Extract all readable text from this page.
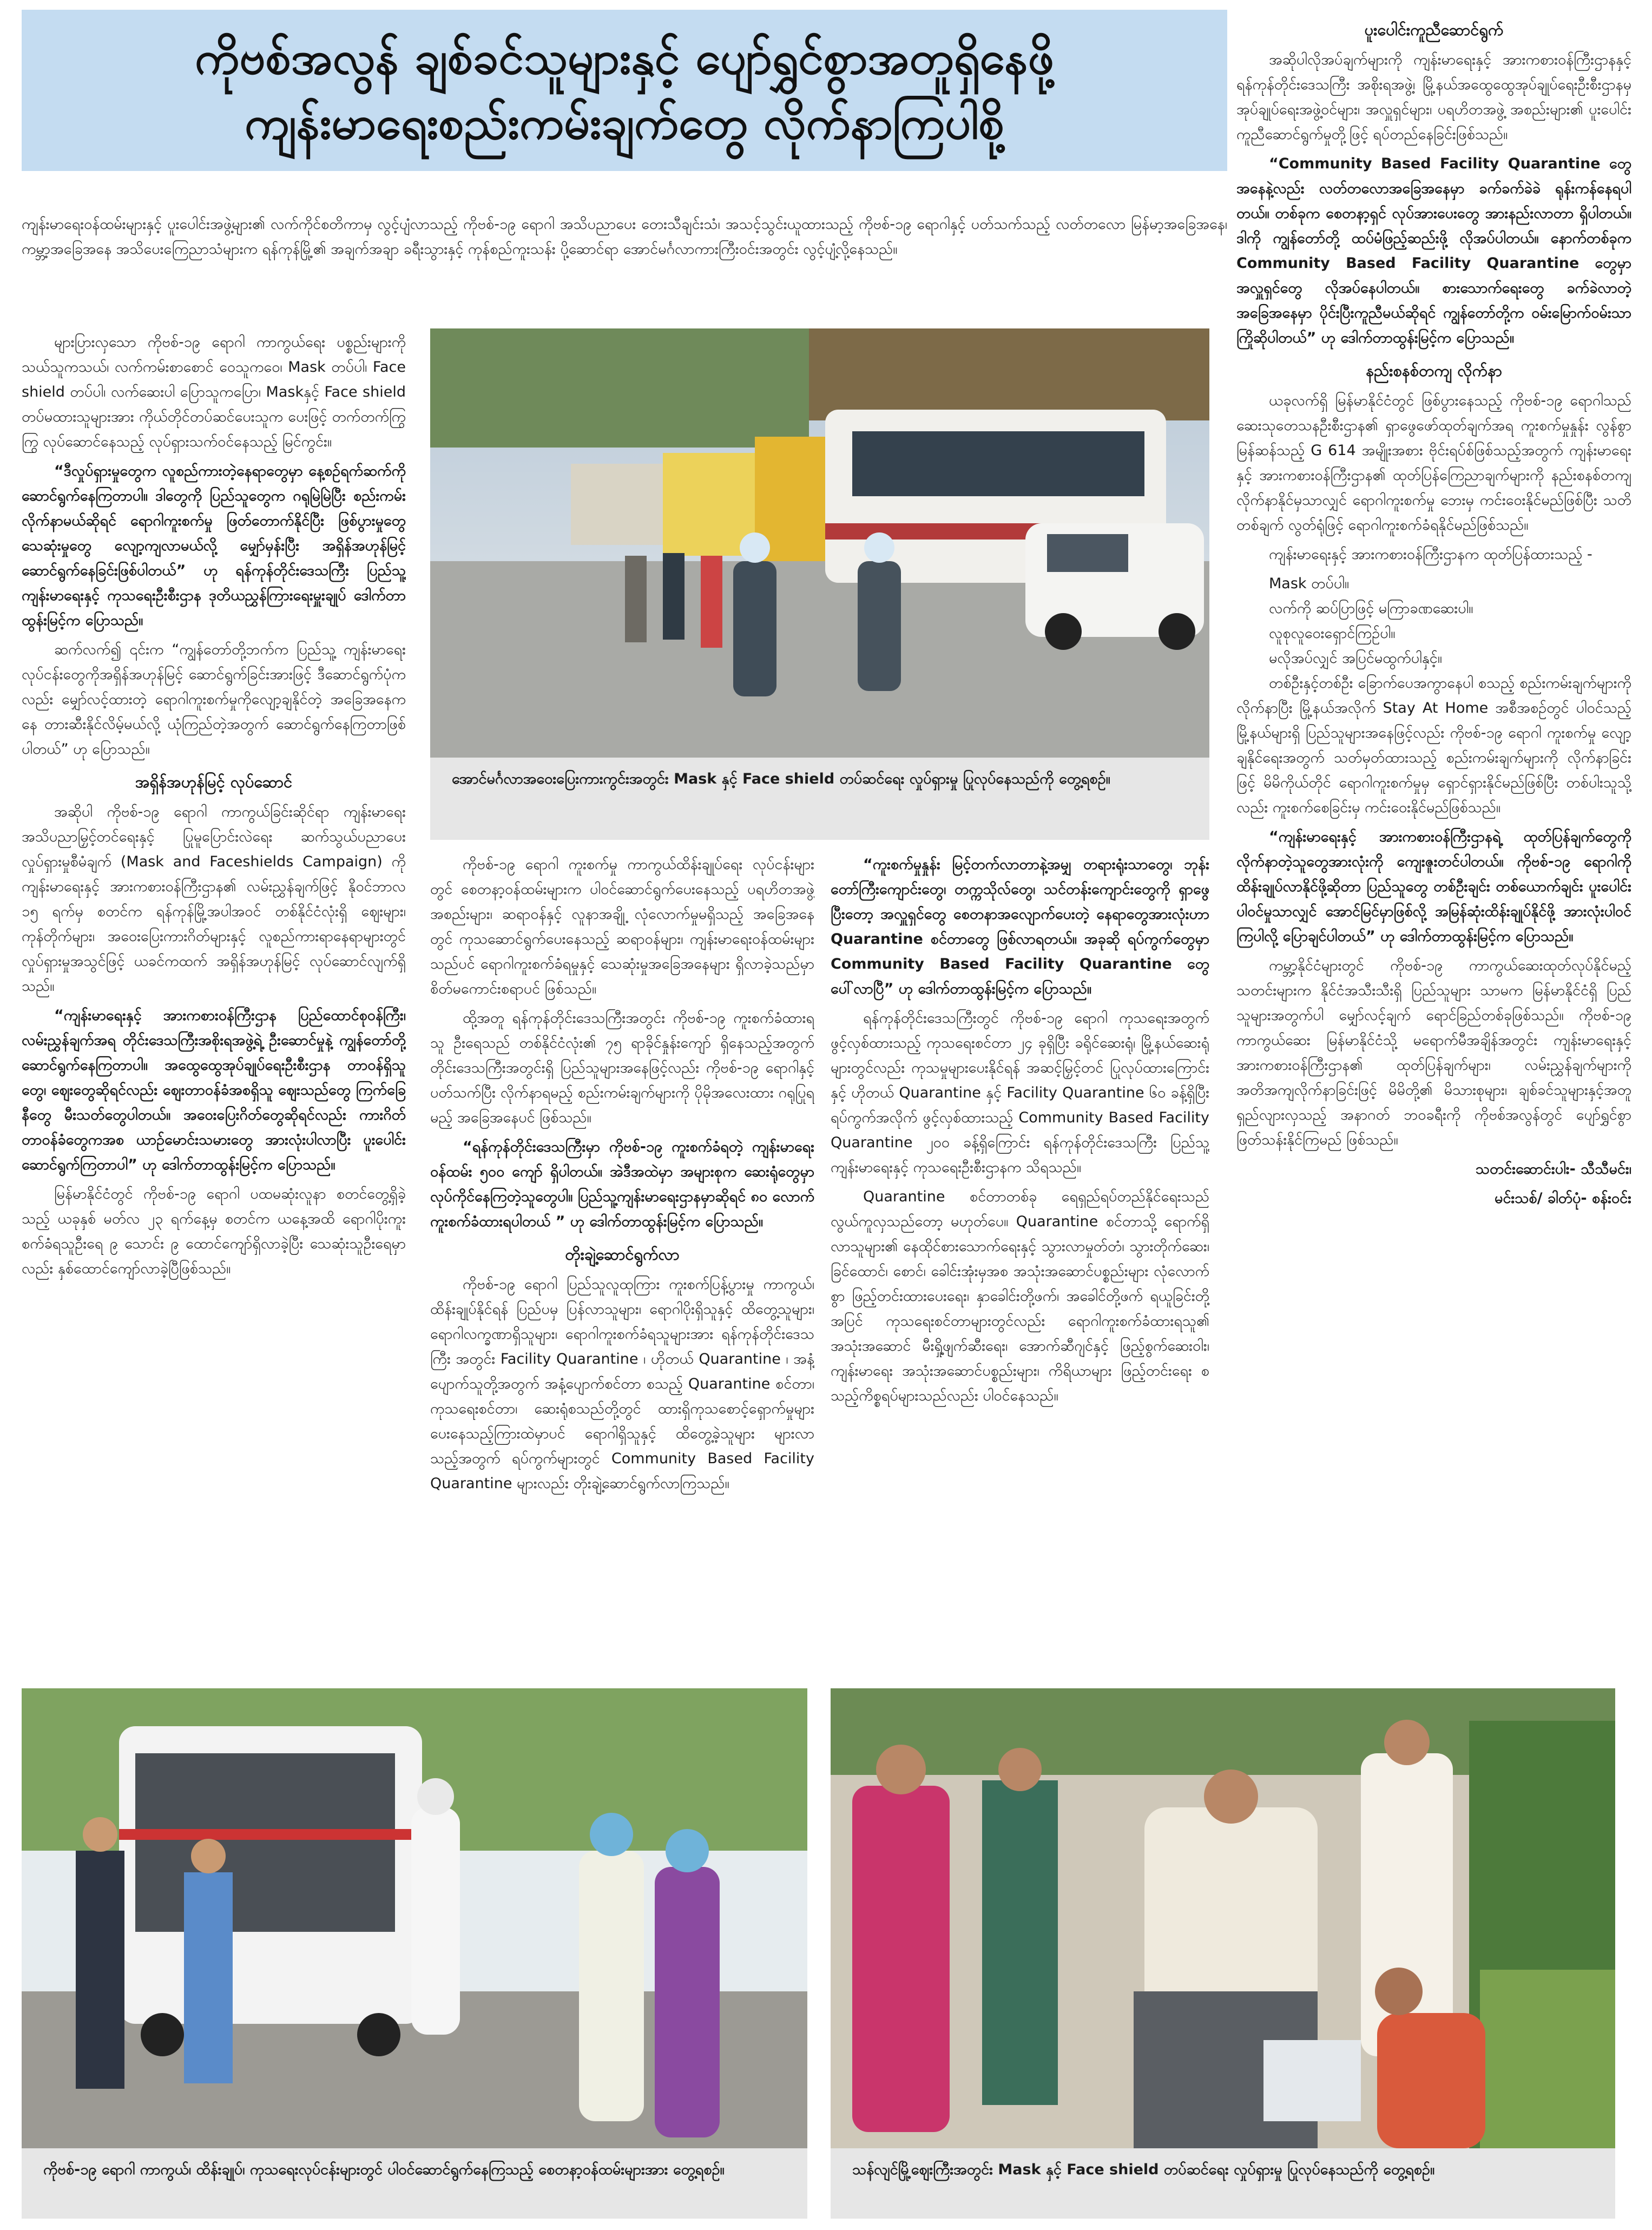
ကိုဗစ်အလွန် ချစ်ခင်သူများနှင့် ပျော်ရွှင်စွာအတူရှိနေဖို့
ကျန်းမာရေးစည်းကမ်းချက်တွေ လိုက်နာကြပါစို့
ကျန်းမာရေးဝန်ထမ်းများနှင့် ပူးပေါင်းအဖွဲ့များ၏ လက်ကိုင်စတိကာမှ လွင့်ပျံလာသည့် ကိုဗစ်-၁၉ ရောဂါ အသိပညာပေး တေးသီချင်းသံ၊ အသင့်သွင်းယူထားသည့် ကိုဗစ်-၁၉ ရောဂါနှင့် ပတ်သက်သည့် လတ်တလော မြန်မာ့အခြေအနေ၊ ကမ္ဘာ့အခြေအနေ အသိပေးကြေညာသံများက ရန်ကုန်မြို့၏ အချက်အချာ ခရီးသွားနှင့် ကုန်စည်ကူးသန်း ပို့ဆောင်ရာ အောင်မင်္ဂလာကားကြီးဝင်းအတွင်း လွင့်ပျံ့လို့နေသည်။

များပြားလှသော ကိုဗစ်-၁၉ ရောဂါ ကာကွယ်ရေး ပစ္စည်းများကို သယ်သူကသယ်၊ လက်ကမ်းစာစောင် ဝေသူကဝေ၊ Mask တပ်ပါ၊ Face shield တပ်ပါ၊ လက်ဆေးပါ ပြောသူကပြော၊ Maskနှင့် Face shield တပ်မထားသူများအား ကိုယ်တိုင်တပ်ဆင်ပေးသူက ပေးဖြင့် တက်တက်ကြွကြွ လုပ်ဆောင်နေသည့် လုပ်ရှားသက်ဝင်နေသည့် မြင်ကွင်း။

“ဒီလှုပ်ရှားမှုတွေက လူစည်ကားတဲ့နေရာတွေမှာ နေ့စဉ်ရက်ဆက်ကို ဆောင်ရွက်နေကြတာပါ။ ဒါတွေကို ပြည်သူတွေက ဂရုမြဲမြဲပြီး စည်းကမ်းလိုက်နာမယ်ဆိုရင် ရောဂါကူးစက်မှု ဖြတ်တောက်နိုင်ပြီး ဖြစ်ပွားမှုတွေ သေဆုံးမှုတွေ လျော့ကျလာမယ်လို့ မျှော်မှန်းပြီး အရှိန်အဟုန်မြင့် ဆောင်ရွက်နေခြင်းဖြစ်ပါတယ်” ဟု ရန်ကုန်တိုင်းဒေသကြီး ပြည်သူ့ကျန်းမာရေးနှင့် ကုသရေးဦးစီးဌာန ဒုတိယညွှန်ကြားရေးမှူးချုပ် ဒေါက်တာထွန်းမြင့်က ပြောသည်။

ဆက်လက်၍ ၎င်းက “ကျွန်တော်တို့ဘက်က ပြည်သူ့ ကျန်းမာရေးလုပ်ငန်းတွေကိုအရှိန်အဟုန်မြင့် ဆောင်ရွက်ခြင်းအားဖြင့် ဒီဆောင်ရွက်ပုံကလည်း မျှော်လင့်ထားတဲ့ ရောဂါကူးစက်မှုကိုလျော့ချနိုင်တဲ့ အခြေအနေကနေ တားဆီးနိုင်လိမ့်မယ်လို့ ယုံကြည်တဲ့အတွက် ဆောင်ရွက်နေကြတာဖြစ်ပါတယ်” ဟု ပြောသည်။

အရှိန်အဟုန်မြင့် လုပ်ဆောင်

အဆိုပါ ကိုဗစ်-၁၉ ရောဂါ ကာကွယ်ခြင်းဆိုင်ရာ ကျန်းမာရေးအသိပညာမြှင့်တင်ရေးနှင့် ပြုမူပြောင်းလဲရေး ဆက်သွယ်ပညာပေး လှုပ်ရှားမှုစီမံချက် (Mask and Faceshields Campaign) ကို ကျန်းမာရေးနှင့် အားကစားဝန်ကြီးဌာန၏ လမ်းညွှန်ချက်ဖြင့် နိုဝင်ဘာလ ၁၅ ရက်မှ စတင်က ရန်ကုန်မြို့အပါအဝင် တစ်နိုင်ငံလုံးရှိ ဈေးများ၊ ကုန်တိုက်များ၊ အဝေးပြေးကားဂိတ်များနှင့် လူစည်ကားရာနေရာများတွင် လှုပ်ရှားမှုအသွင်ဖြင့် ယခင်ကထက် အရှိန်အဟုန်မြင့် လုပ်ဆောင်လျက်ရှိသည်။

“ကျန်းမာရေးနှင့် အားကစားဝန်ကြီးဌာန ပြည်ထောင်စုဝန်ကြီး၊ လမ်းညွှန်ချက်အရ တိုင်းဒေသကြီးအစိုးရအဖွဲ့ရဲ့ ဦးဆောင်မှုနဲ့ ကျွန်တော်တို့ ဆောင်ရွက်နေကြတာပါ။ အထွေထွေအုပ်ချုပ်ရေးဦးစီးဌာန တာဝန်ရှိသူတွေ၊ ဈေးတွေဆိုရင်လည်း ဈေးတာဝန်ခံအစရှိသူ ဈေးသည်တွေ ကြက်ခြေနီတွေ မီးသတ်တွေပါတယ်။ အဝေးပြေးဂိတ်တွေဆိုရင်လည်း ကားဂိတ်တာဝန်ခံတွေကအစ ယာဉ်မောင်းသမားတွေ အားလုံးပါလာပြီး ပူးပေါင်းဆောင်ရွက်ကြတာပါ” ဟု ဒေါက်တာထွန်းမြင့်က ပြောသည်။

မြန်မာနိုင်ငံတွင် ကိုဗစ်-၁၉ ရောဂါ ပထမဆုံးလူနာ စတင်တွေ့ရှိခဲ့သည့် ယခုနှစ် မတ်လ ၂၃ ရက်နေ့မှ စတင်က ယနေ့အထိ ရောဂါပိုးကူးစက်ခံရသူဦးရေ ၉ သောင်း ၉ ထောင်ကျော်ရှိလာခဲ့ပြီး သေဆုံးသူဦးရေမှာလည်း နှစ်ထောင်ကျော်လာခဲ့ပြီဖြစ်သည်။

အောင်မင်္ဂလာအဝေးပြေးကားကွင်းအတွင်း Mask နှင့် Face shield တပ်ဆင်ရေး လှုပ်ရှားမှု ပြုလုပ်နေသည်ကို တွေ့ရစဉ်။

ကိုဗစ်-၁၉ ရောဂါ ကူးစက်မှု ကာကွယ်ထိန်းချုပ်ရေး လုပ်ငန်းများတွင် စေတနာ့ဝန်ထမ်းများက ပါဝင်ဆောင်ရွက်ပေးနေသည့် ပရဟိတအဖွဲ့အစည်းများ၊ ဆရာဝန်နှင့် လူနာအချို့ လုံလောက်မှုမရှိသည့် အခြေအနေတွင် ကုသဆောင်ရွက်ပေးနေသည့် ဆရာဝန်များ၊ ကျန်းမာရေးဝန်ထမ်းများ သည်ပင် ရောဂါကူးစက်ခံရမှုနှင့် သေဆုံးမှုအခြေအနေများ ရှိလာခဲ့သည်မှာ စိတ်မကောင်းစရာပင် ဖြစ်သည်။

ထို့အတူ ရန်ကုန်တိုင်းဒေသကြီးအတွင်း ကိုဗစ်-၁၉ ကူးစက်ခံထားရသူ ဦးရေသည် တစ်နိုင်ငံလုံး၏ ၇၅ ရာခိုင်နှုန်းကျော် ရှိနေသည့်အတွက် တိုင်းဒေသကြီးအတွင်းရှိ ပြည်သူများအနေဖြင့်လည်း ကိုဗစ်-၁၉ ရောဂါနှင့် ပတ်သက်ပြီး လိုက်နာရမည့် စည်းကမ်းချက်များကို ပိုမိုအလေးထား ဂရုပြုရမည့် အခြေအနေပင် ဖြစ်သည်။

“ရန်ကုန်တိုင်းဒေသကြီးမှာ ကိုဗစ်-၁၉ ကူးစက်ခံရတဲ့ ကျန်းမာရေးဝန်ထမ်း ၅၀၀ ကျော် ရှိပါတယ်။ အဲဒီအထဲမှာ အများစုက ဆေးရုံတွေမှာ လုပ်ကိုင်နေကြတဲ့သူတွေပါ။ ပြည်သူ့ကျန်းမာရေးဌာနမှာဆိုရင် ၈၀ လောက် ကူးစက်ခံထားရပါတယ် ” ဟု ဒေါက်တာထွန်းမြင့်က ပြောသည်။

တိုးချဲ့ဆောင်ရွက်လာ

ကိုဗစ်-၁၉ ရောဂါ ပြည်သူလူထုကြား ကူးစက်ပြန့်ပွားမှု ကာကွယ်၊ ထိန်းချုပ်နိုင်ရန် ပြည်ပမှ ပြန်လာသူများ၊ ရောဂါပိုးရှိသူနှင့် ထိတွေ့သူများ၊ ရောဂါလက္ခဏာရှိသူများ၊ ရောဂါကူးစက်ခံရသူများအား ရန်ကုန်တိုင်းဒေသကြီး အတွင်း Facility Quarantine ၊ ဟိုတယ် Quarantine ၊ အနံ့ပျောက်သူတို့အတွက် အနံ့ပျောက်စင်တာ စသည့် Quarantine စင်တာ၊ ကုသရေးစင်တာ၊ ဆေးရုံစသည်တို့တွင် ထားရှိကုသစောင့်ရှောက်မှုများ ပေးနေသည့်ကြားထဲမှာပင် ရောဂါရှိသူနှင့် ထိတွေ့ခဲ့သူများ များလာသည့်အတွက် ရပ်ကွက်များတွင် Community Based Facility Quarantine များလည်း တိုးချဲ့ဆောင်ရွက်လာကြသည်။

“ကူးစက်မှုနှုန်း မြင့်တက်လာတာနဲ့အမျှ တရားရုံးသာတွေ၊ ဘုန်းတော်ကြီးကျောင်းတွေ၊ တက္ကသိုလ်တွေ၊ သင်တန်းကျောင်းတွေကို ရှာဖွေပြီးတော့ အလှူရှင်တွေ စေတနာအလျောက်ပေးတဲ့ နေရာတွေအားလုံးဟာ Quarantine စင်တာတွေ ဖြစ်လာရတယ်။ အခုဆို ရပ်ကွက်တွေမှာ Community Based Facility Quarantine တွေ ပေါ်လာပြီ” ဟု ဒေါက်တာထွန်းမြင့်က ပြောသည်။

ရန်ကုန်တိုင်းဒေသကြီးတွင် ကိုဗစ်-၁၉ ရောဂါ ကုသရေးအတွက် ဖွင့်လှစ်ထားသည့် ကုသရေးစင်တာ ၂၄ ခုရှိပြီး ခရိုင်ဆေးရုံ၊ မြို့နယ်ဆေးရုံများတွင်လည်း ကုသမှုများပေးနိုင်ရန် အဆင့်မြှင့်တင် ပြုလုပ်ထားကြောင်းနှင့် ဟိုတယ် Quarantine နှင့် Facility Quarantine ၆၀ ခန့်ရှိပြီး ရပ်ကွက်အလိုက် ဖွင့်လှစ်ထားသည့် Community Based Facility Quarantine ၂၀၀ ခန့်ရှိကြောင်း ရန်ကုန်တိုင်းဒေသကြီး ပြည်သူ့ကျန်းမာရေးနှင့် ကုသရေးဦးစီးဌာနက သိရသည်။

Quarantine စင်တာတစ်ခု ရေရှည်ရပ်တည်နိုင်ရေးသည် လွယ်ကူလှသည်တော့ မဟုတ်ပေ။ Quarantine စင်တာသို့ ရောက်ရှိလာသူများ၏ နေထိုင်စားသောက်ရေးနှင့် သွားလာမှုတ်တံ၊ သွားတိုက်ဆေး၊ ခြင်ထောင်၊ စောင်၊ ခေါင်းအုံးမှအစ အသုံးအဆောင်ပစ္စည်းများ လုံလောက်စွာ ဖြည့်တင်းထားပေးရေး၊ နှာခေါင်းတို့ဖက်၊ အခေါင်တို့ဖက် ရယူခြင်းတို့အပြင် ကုသရေးစင်တာများတွင်လည်း ရောဂါကူးစက်ခံထားရသူ၏ အသုံးအဆောင် မီးရှို့ဖျက်ဆီးရေး၊ အောက်ဆီဂျင်နှင့် ဖြည့်စွက်ဆေးဝါး၊ ကျန်းမာရေး အသုံးအဆောင်ပစ္စည်းများ၊ ကိရိယာများ ဖြည့်တင်းရေး စသည့်ကိစ္စရပ်များသည်လည်း ပါဝင်နေသည်။

ပူးပေါင်းကူညီဆောင်ရွက်

အဆိုပါလိုအပ်ချက်များကို ကျန်းမာရေးနှင့် အားကစားဝန်ကြီးဌာနနှင့် ရန်ကုန်တိုင်းဒေသကြီး အစိုးရအဖွဲ့၊ မြို့နယ်အထွေထွေအုပ်ချုပ်ရေးဦးစီးဌာနမှ အုပ်ချုပ်ရေးအဖွဲ့ဝင်များ၊ အလှူရှင်များ၊ ပရဟိတအဖွဲ့ အစည်းများ၏ ပူးပေါင်းကူညီဆောင်ရွက်မှုတို့ဖြင့် ရပ်တည်နေခြင်းဖြစ်သည်။

“Community Based Facility Quarantine တွေ အနေနဲ့လည်း လတ်တလောအခြေအနေမှာ ခက်ခက်ခဲခဲ ရုန်းကန်နေရပါတယ်။ တစ်ခုက စေတနာ့ရှင် လုပ်အားပေးတွေ အားနည်းလာတာ ရှိပါတယ်။ ဒါကို ကျွန်တော်တို့ ထပ်မံဖြည့်ဆည်းဖို့ လိုအပ်ပါတယ်။ နောက်တစ်ခုက Community Based Facility Quarantine တွေမှာ အလှူရှင်တွေ လိုအပ်နေပါတယ်။ စားသောက်ရေးတွေ ခက်ခဲလာတဲ့ အခြေအနေမှာ ပိုင်းပြီးကူညီမယ်ဆိုရင် ကျွန်တော်တို့က ဝမ်းမြောက်ဝမ်းသာ ကြိုဆိုပါတယ်” ဟု ဒေါက်တာထွန်းမြင့်က ပြောသည်။

နည်းစနစ်တကျ လိုက်နာ

ယခုလက်ရှိ မြန်မာနိုင်ငံတွင် ဖြစ်ပွားနေသည့် ကိုဗစ်-၁၉ ရောဂါသည် ဆေးသုတေသနဦးစီးဌာန၏ ရှာဖွေဖော်ထုတ်ချက်အရ ကူးစက်မှုနှုန်း လွန်စွာမြန်ဆန်သည့် G 614 အမျိုးအစား ဗိုင်းရပ်စ်ဖြစ်သည့်အတွက် ကျန်းမာရေးနှင့် အားကစားဝန်ကြီးဌာန၏ ထုတ်ပြန်ကြေညာချက်များကို နည်းစနစ်တကျ လိုက်နာနိုင်မှသာလျှင် ရောဂါကူးစက်မှု ဘေးမှ ကင်းဝေးနိုင်မည်ဖြစ်ပြီး သတိတစ်ချက် လွတ်ရုံဖြင့် ရောဂါကူးစက်ခံရနိုင်မည်ဖြစ်သည်။

ကျန်းမာရေးနှင့် အားကစားဝန်ကြီးဌာနက ထုတ်ပြန်ထားသည့် -

Mask တပ်ပါ။

လက်ကို ဆပ်ပြာဖြင့် မကြာခဏဆေးပါ။

လူစုလူဝေးရှောင်ကြဉ်ပါ။

မလိုအပ်လျှင် အပြင်မထွက်ပါနှင့်။

တစ်ဦးနှင့်တစ်ဦး ခြောက်ပေအကွာနေပါ စသည့် စည်းကမ်းချက်များကို လိုက်နာပြီး မြို့နယ်အလိုက် Stay At Home အစီအစဉ်တွင် ပါဝင်သည့် မြို့နယ်များရှိ ပြည်သူများအနေဖြင့်လည်း ကိုဗစ်-၁၉ ရောဂါ ကူးစက်မှု လျော့ချနိုင်ရေးအတွက် သတ်မှတ်ထားသည့် စည်းကမ်းချက်များကို လိုက်နာခြင်းဖြင့် မိမိကိုယ်တိုင် ရောဂါကူးစက်မှုမှ ရှောင်ရှားနိုင်မည်ဖြစ်ပြီး တစ်ပါးသူသို့လည်း ကူးစက်စေခြင်းမှ ကင်းဝေးနိုင်မည်ဖြစ်သည်။

“ကျန်းမာရေးနှင့် အားကစားဝန်ကြီးဌာနရဲ့ ထုတ်ပြန်ချက်တွေကို လိုက်နာတဲ့သူတွေအားလုံးကို ကျေးဇူးတင်ပါတယ်။ ကိုဗစ်-၁၉ ရောဂါကို ထိန်းချုပ်လာနိုင်ဖို့ဆိုတာ ပြည်သူတွေ တစ်ဦးချင်း တစ်ယောက်ချင်း ပူးပေါင်းပါဝင်မှုသာလျှင် အောင်မြင်မှာဖြစ်လို့ အမြန်ဆုံးထိန်းချုပ်နိုင်ဖို့ အားလုံးပါဝင်ကြပါလို့ ပြောချင်ပါတယ်” ဟု ဒေါက်တာထွန်းမြင့်က ပြောသည်။

ကမ္ဘာ့နိုင်ငံများတွင် ကိုဗစ်-၁၉ ကာကွယ်ဆေးထုတ်လုပ်နိုင်မည့် သတင်းများက နိုင်ငံအသီးသီးရှိ ပြည်သူများ သာမက မြန်မာနိုင်ငံရှိ ပြည်သူများအတွက်ပါ မျှော်လင့်ချက် ရောင်ခြည်တစ်ခုဖြစ်သည်။ ကိုဗစ်-၁၉ ကာကွယ်ဆေး မြန်မာနိုင်ငံသို့ မရောက်မီအချိန်အတွင်း ကျန်းမာရေးနှင့် အားကစားဝန်ကြီးဌာန၏ ထုတ်ပြန်ချက်များ၊ လမ်းညွှန်ချက်များကို အတိအကျလိုက်နာခြင်းဖြင့် မိမိတို့၏ မိသားစုများ၊ ချစ်ခင်သူများနှင့်အတူ ရှည်လျားလှသည့် အနာဂတ် ဘဝခရီးကို ကိုဗစ်အလွန်တွင် ပျော်ရွှင်စွာ ဖြတ်သန်းနိုင်ကြမည် ဖြစ်သည်။

သတင်းဆောင်းပါး- သီသီမင်း၊

မင်းသစ်/ ခါတ်ပုံ- စန်းဝင်း

ကိုဗစ်-၁၉ ရောဂါ ကာကွယ်၊ ထိန်းချုပ်၊ ကုသရေးလုပ်ငန်းများတွင် ပါဝင်ဆောင်ရွက်နေကြသည့် စေတနာ့ဝန်ထမ်းများအား တွေ့ရစဉ်။	သန်လျင်မြို့ဈေးကြီးအတွင်း Mask နှင့် Face shield တပ်ဆင်ရေး လှုပ်ရှားမှု ပြုလုပ်နေသည်ကို တွေ့ရစဉ်။
